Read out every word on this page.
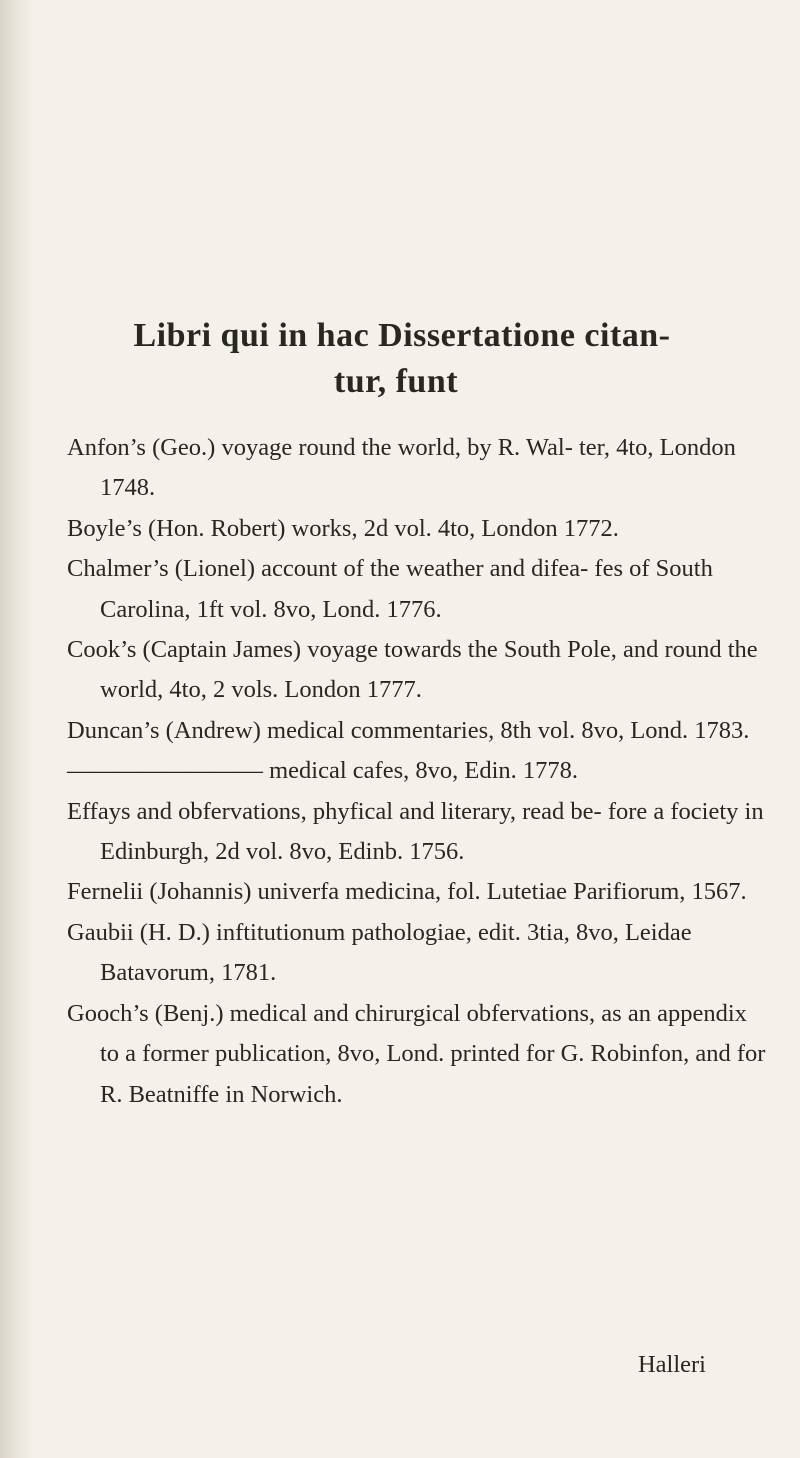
Libri qui in hac Dissertatione citan-
tur, funt
Anfon’s (Geo.) voyage round the world, by R. Wal- ter, 4to, London 1748.
Boyle’s (Hon. Robert) works, 2d vol. 4to, London 1772.
Chalmer’s (Lionel) account of the weather and difea- fes of South Carolina, 1ft vol. 8vo, Lond. 1776.
Cook’s (Captain James) voyage towards the South Pole, and round the world, 4to, 2 vols. London 1777.
Duncan’s (Andrew) medical commentaries, 8th vol. 8vo, Lond. 1783.
———————— medical cafes, 8vo, Edin. 1778.
Effays and obfervations, phyfical and literary, read be- fore a fociety in Edinburgh, 2d vol. 8vo, Edinb. 1756.
Fernelii (Johannis) univerfa medicina, fol. Lutetiae Parifiorum, 1567.
Gaubii (H. D.) inftitutionum pathologiae, edit. 3tia, 8vo, Leidae Batavorum, 1781.
Gooch’s (Benj.) medical and chirurgical obfervations, as an appendix to a former publication, 8vo, Lond. printed for G. Robinfon, and for R. Beatniffe in Norwich.
Halleri
